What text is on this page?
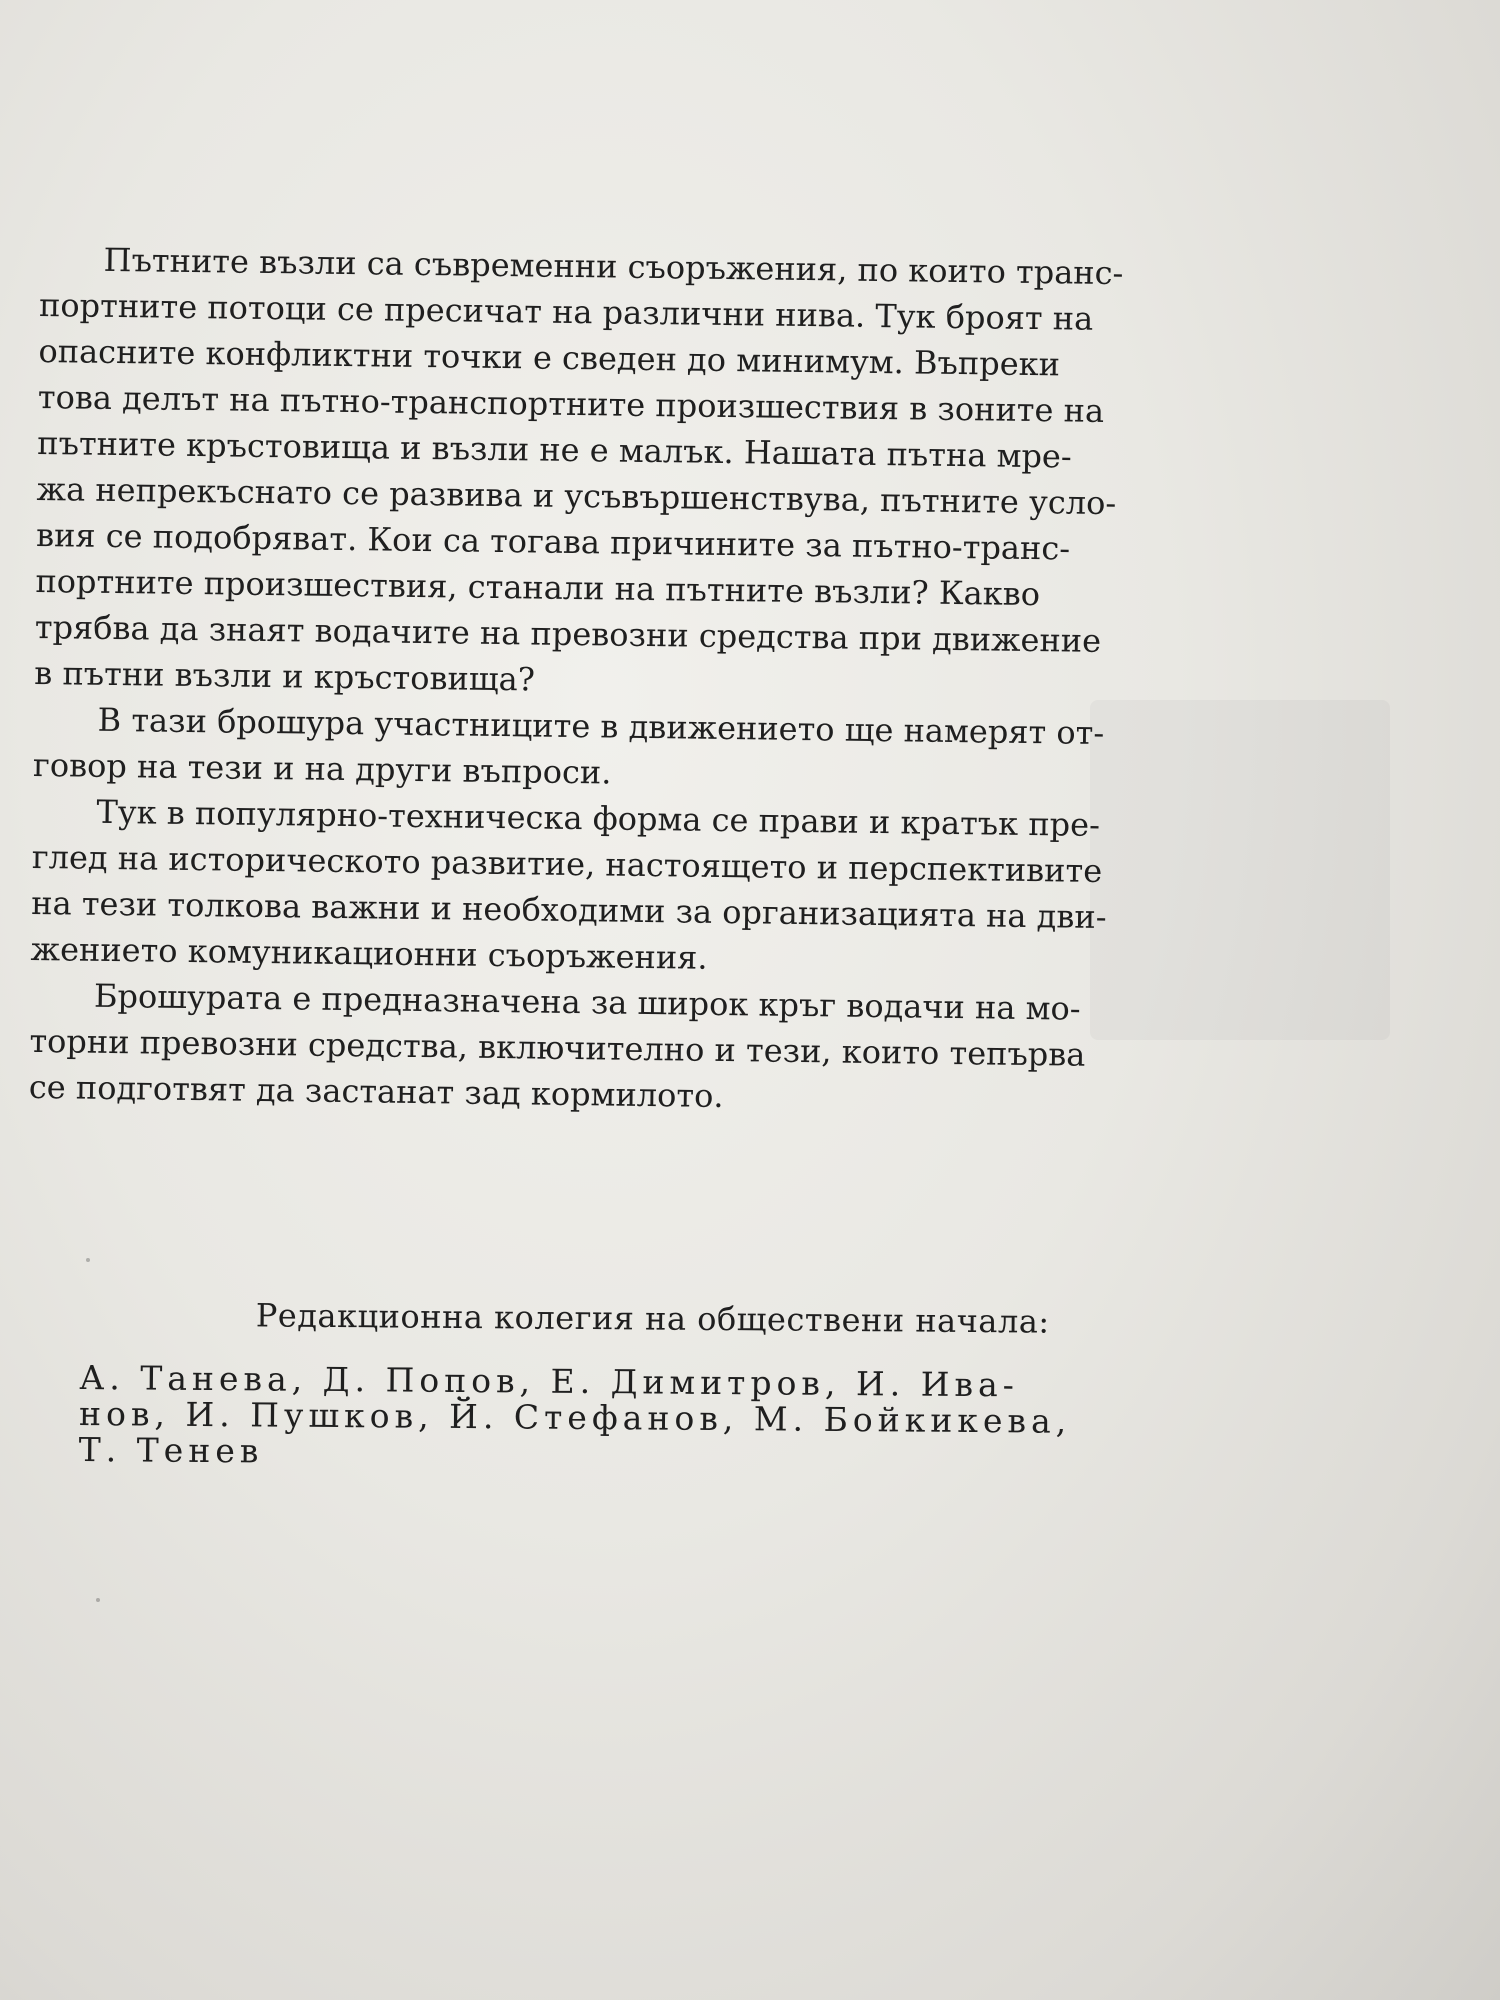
Пътните възли са съвременни съоръжения, по които транс-
портните потоци се пресичат на различни нива. Тук броят на
опасните конфликтни точки е сведен до минимум. Въпреки
това делът на пътно-транспортните произшествия в зоните на
пътните кръстовища и възли не е малък. Нашата пътна мре-
жа непрекъснато се развива и усъвършенствува, пътните усло-
вия се подобряват. Кои са тогава причините за пътно-транс-
портните произшествия, станали на пътните възли? Какво
трябва да знаят водачите на превозни средства при движение
в пътни възли и кръстовища?

В тази брошура участниците в движението ще намерят от-
говор на тези и на други въпроси.

Тук в популярно-техническа форма се прави и кратък пре-
глед на историческото развитие, настоящето и перспективите
на тези толкова важни и необходими за организацията на дви-
жението комуникационни съоръжения.

Брошурата е предназначена за широк кръг водачи на мо-
торни превозни средства, включително и тези, които тепърва
се подготвят да застанат зад кормилото.

Редакционна колегия на обществени начала:

А. Танева, Д. Попов, Е. Димитров, И. Ива-
нов, И. Пушков, Й. Стефанов, М. Бойкикева,
Т. Тенев
